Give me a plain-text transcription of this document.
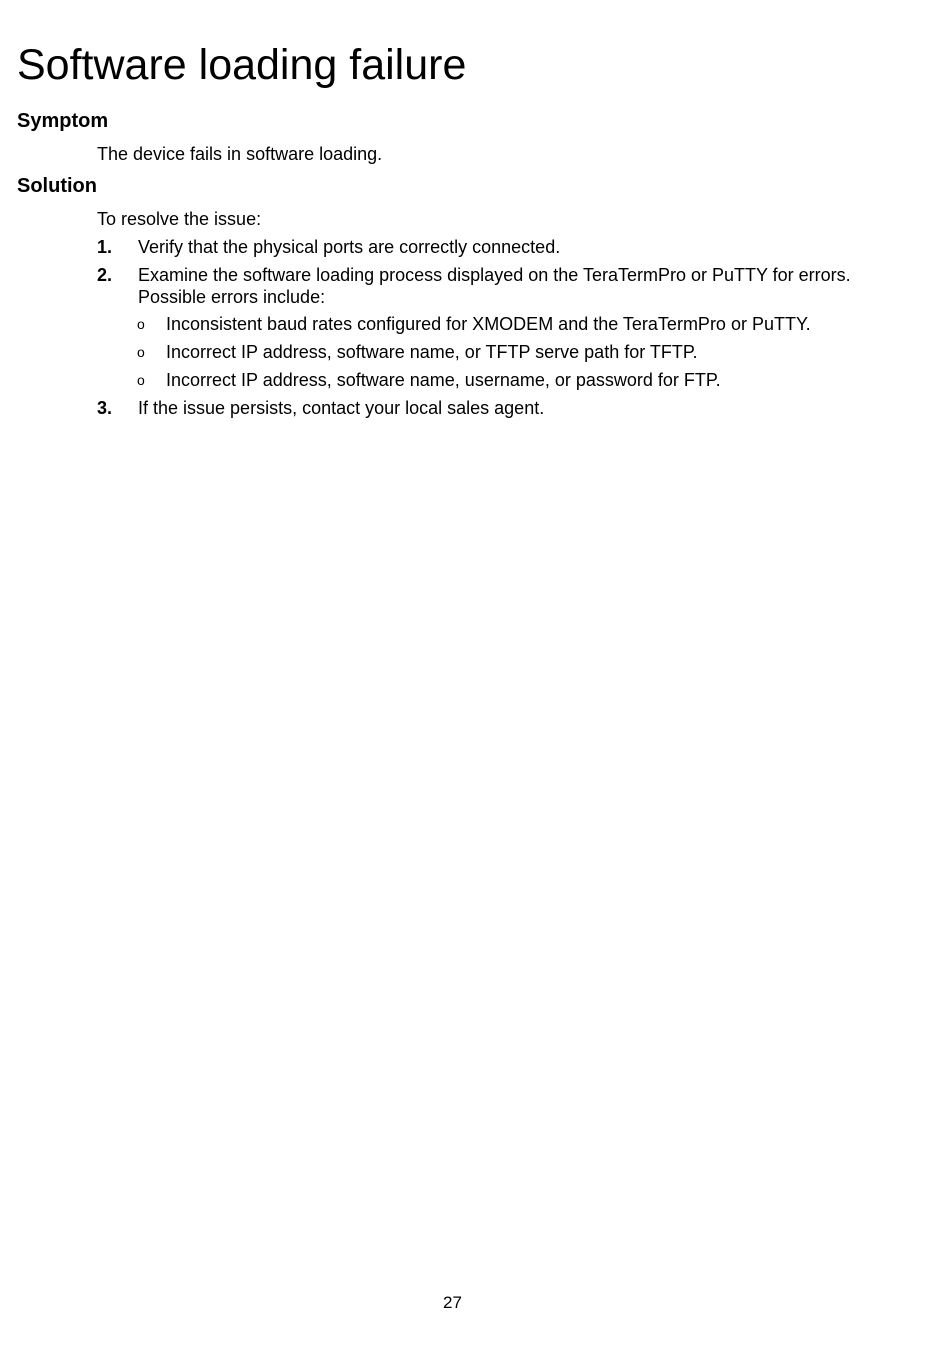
Software loading failure
Symptom

The device fails in software loading.

Solution

To resolve the issue:

1. Verify that the physical ports are correctly connected.
2. Examine the software loading process displayed on the TeraTermPro or PuTTY for errors.
Possible errors include:
o Inconsistent baud rates configured for XMODEM and the TeraTermPro or PuTTY.
o Incorrect IP address, software name, or TFTP serve path for TFTP.
o Incorrect IP address, software name, username, or password for FTP.
3. If the issue persists, contact your local sales agent.
27
